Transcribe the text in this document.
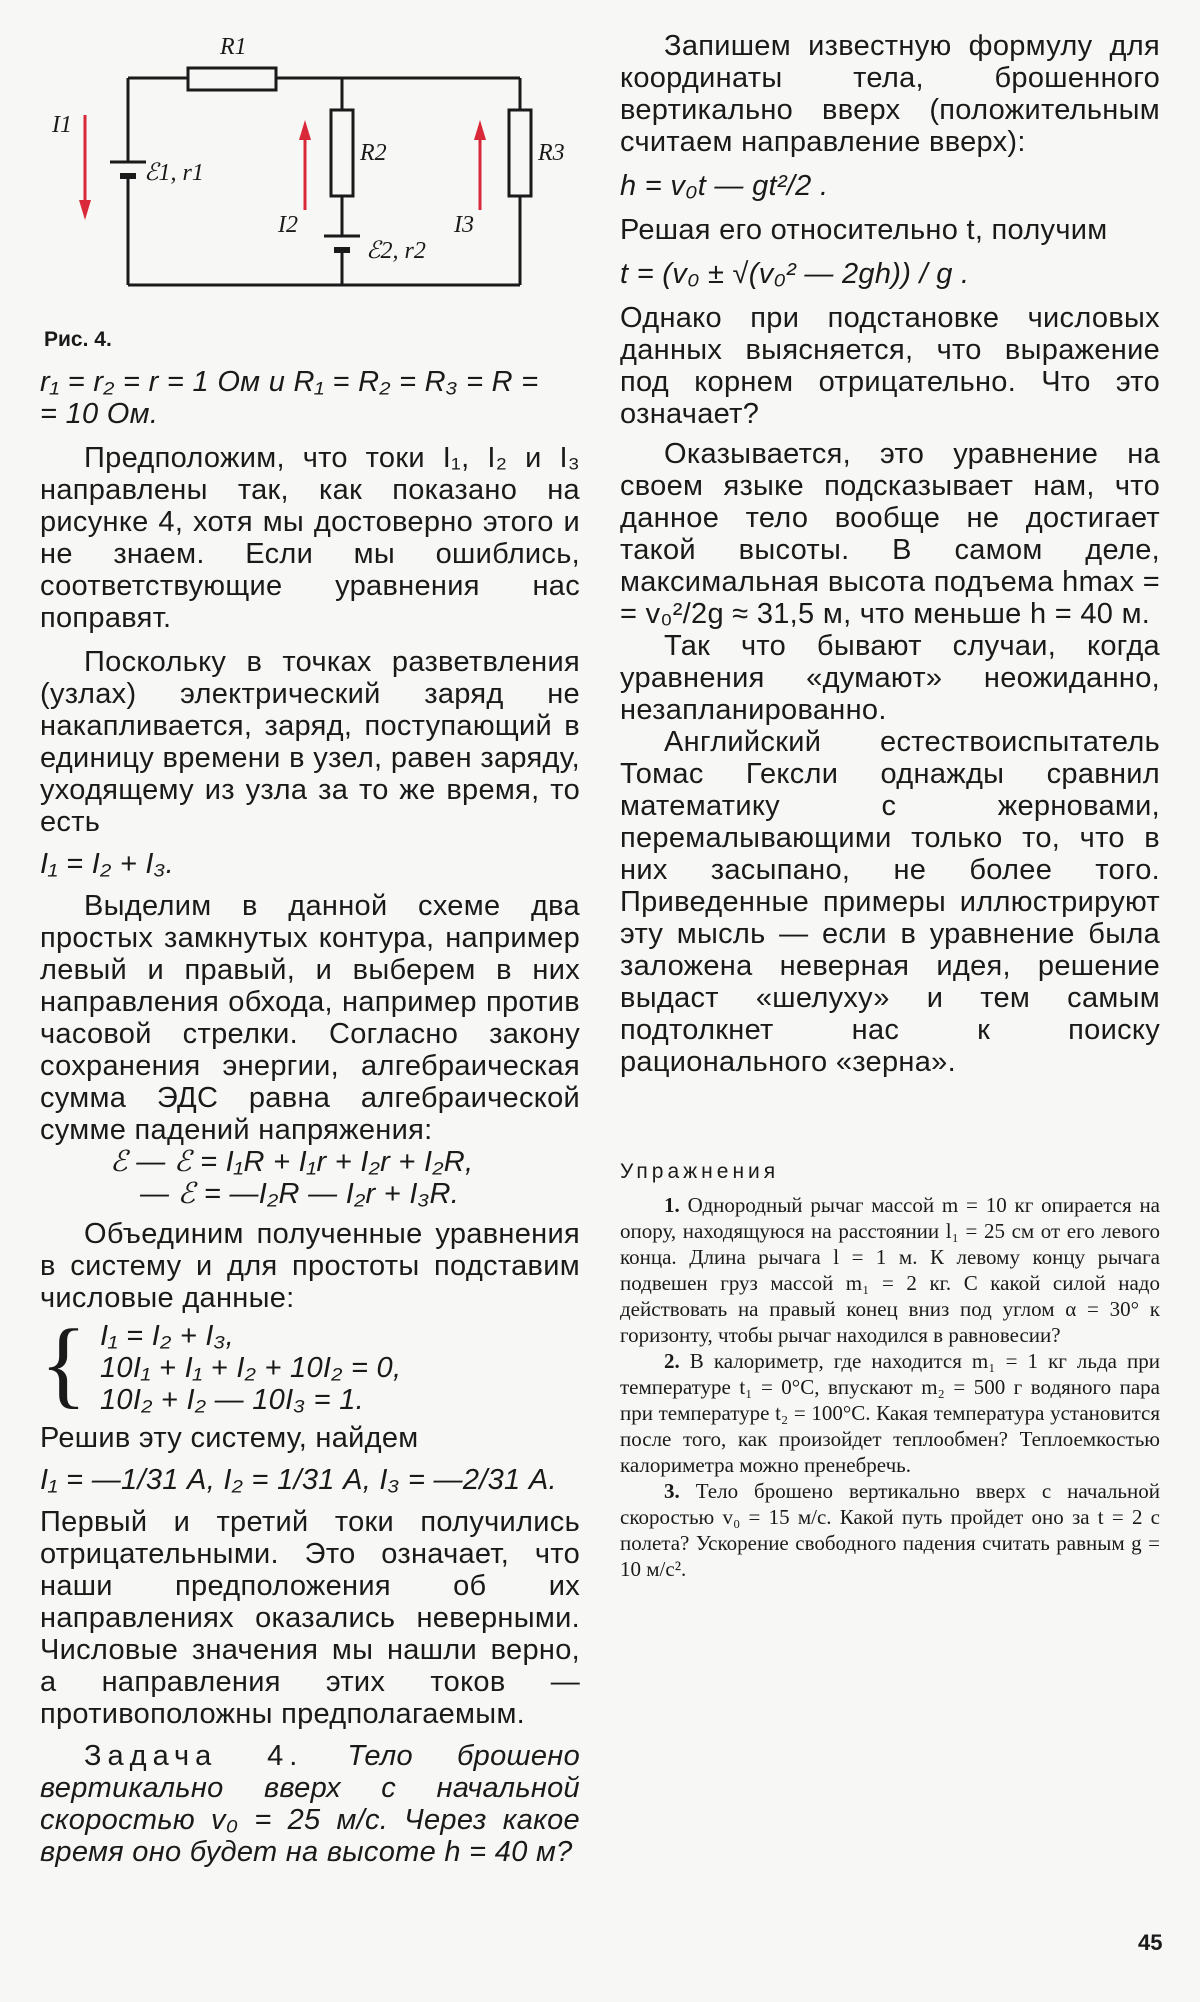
R1
I1
ℰ1, r1
R2
I2
ℰ2, r2
I3
R3
Рис. 4.

r₁ = r₂ = r = 1 Ом и R₁ = R₂ = R₃ = R =

= 10 Ом.

Предположим, что токи I₁, I₂ и I₃ направлены так, как показано на рисунке 4, хотя мы достоверно этого и не знаем. Если мы ошиблись, соответствующие уравнения нас поправят.

Поскольку в точках разветвления (узлах) электрический заряд не накапливается, заряд, поступающий в единицу времени в узел, равен заряду, уходящему из узла за то же время, то есть

I₁ = I₂ + I₃.

Выделим в данной схеме два простых замкнутых контура, например левый и правый, и выберем в них направления обхода, например против часовой стрелки. Согласно закону сохранения энергии, алгебраическая сумма ЭДС равна алгебраической сумме падений напряжения:

ℰ — ℰ = I₁R + I₁r + I₂r + I₂R,

— ℰ = —I₂R — I₂r + I₃R.

Объединим полученные уравнения в систему и для простоты подставим числовые данные:

{ I₁ = I₂ + I₃,

10I₁ + I₁ + I₂ + 10I₂ = 0,

10I₂ + I₂ — 10I₃ = 1.

Решив эту систему, найдем

I₁ = —1/31 А, I₂ = 1/31 А, I₃ = —2/31 А.

Первый и третий токи получились отрицательными. Это означает, что наши предположения об их направлениях оказались неверными. Числовые значения мы нашли верно, а направления этих токов — противоположны предполагаемым.

Задача 4. Тело брошено вертикально вверх с начальной скоростью v₀ = 25 м/с. Через какое время оно будет на высоте h = 40 м?

Запишем известную формулу для координаты тела, брошенного вертикально вверх (положительным считаем направление вверх):

h = v₀t — gt²/2 .

Решая его относительно t, получим

t = (v₀ ± √(v₀² — 2gh)) / g .

Однако при подстановке числовых данных выясняется, что выражение под корнем отрицательно. Что это означает?

Оказывается, это уравнение на своем языке подсказывает нам, что данное тело вообще не достигает такой высоты. В самом деле, максимальная высота подъема hmax = = v₀²/2g ≈ 31,5 м, что меньше h = 40 м.

Так что бывают случаи, когда уравнения «думают» неожиданно, незапланированно.

Английский естествоиспытатель Томас Гексли однажды сравнил математику с жерновами, перемалывающими только то, что в них засыпано, не более того. Приведенные примеры иллюстрируют эту мысль — если в уравнение была заложена неверная идея, решение выдаст «шелуху» и тем самым подтолкнет нас к поиску рационального «зерна».

Упражнения

1. Однородный рычаг массой m = 10 кг опирается на опору, находящуюся на расстоянии l₁ = 25 см от его левого конца. Длина рычага l = 1 м. К левому концу рычага подвешен груз массой m₁ = 2 кг. С какой силой надо действовать на правый конец вниз под углом α = 30° к горизонту, чтобы рычаг находился в равновесии?

2. В калориметр, где находится m₁ = 1 кг льда при температуре t₁ = 0°С, впускают m₂ = 500 г водяного пара при температуре t₂ = 100°С. Какая температура установится после того, как произойдет теплообмен? Теплоемкостью калориметра можно пренебречь.

3. Тело брошено вертикально вверх с начальной скоростью v₀ = 15 м/с. Какой путь пройдет оно за t = 2 с полета? Ускорение свободного падения считать равным g = 10 м/с².

45
